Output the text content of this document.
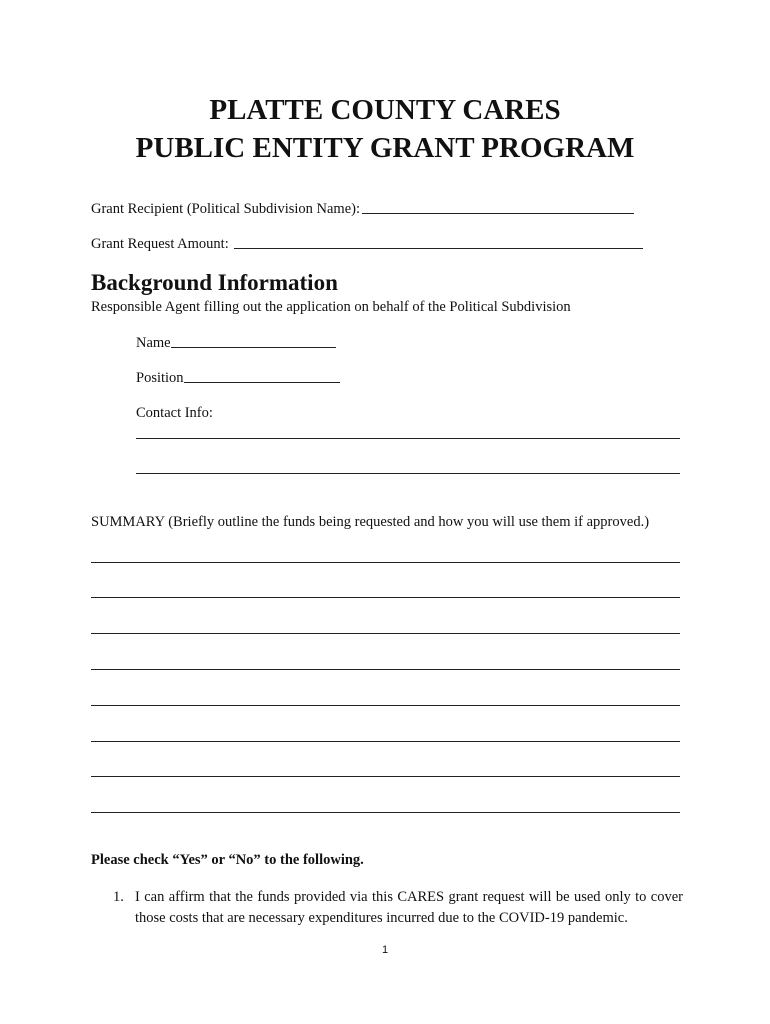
PLATTE COUNTY CARES
PUBLIC ENTITY GRANT PROGRAM
Grant Recipient (Political Subdivision Name):
Grant Request Amount:
Background Information
Responsible Agent filling out the application on behalf of the Political Subdivision
Name
Position
Contact Info:
SUMMARY (Briefly outline the funds being requested and how you will use them if approved.)
Please check “Yes” or “No” to the following.
1. I can affirm that the funds provided via this CARES grant request will be used only to cover those costs that are necessary expenditures incurred due to the COVID-19 pandemic.
1
